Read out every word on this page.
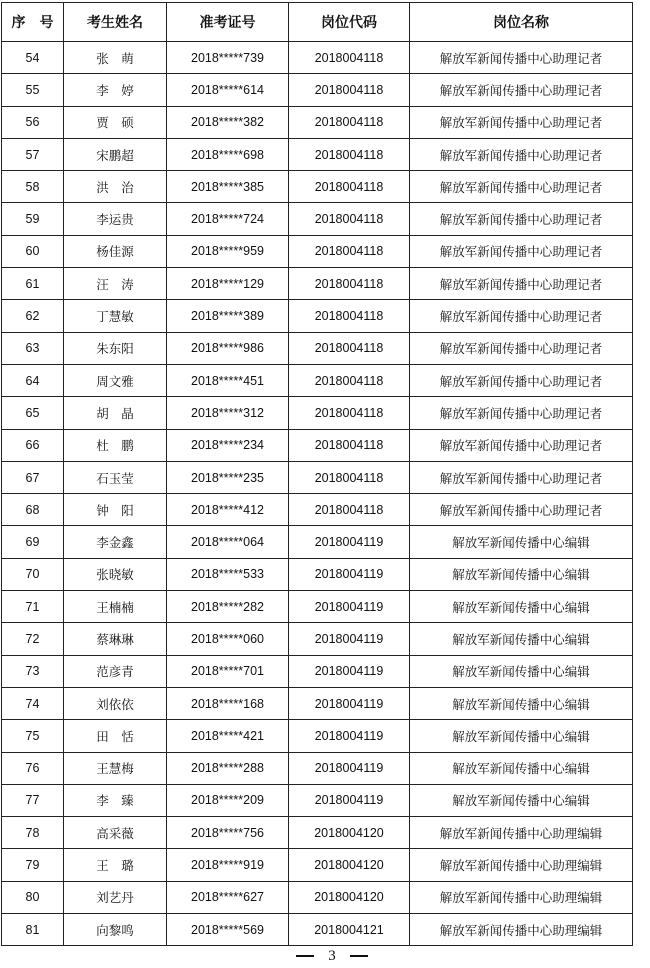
序　号	考生姓名	准考证号	岗位代码	岗位名称
54	张　萌	2018*****739	2018004118	解放军新闻传播中心助理记者
55	李　婷	2018*****614	2018004118	解放军新闻传播中心助理记者
56	贾　硕	2018*****382	2018004118	解放军新闻传播中心助理记者
57	宋鹏超	2018*****698	2018004118	解放军新闻传播中心助理记者
58	洪　治	2018*****385	2018004118	解放军新闻传播中心助理记者
59	李运贵	2018*****724	2018004118	解放军新闻传播中心助理记者
60	杨佳源	2018*****959	2018004118	解放军新闻传播中心助理记者
61	汪　涛	2018*****129	2018004118	解放军新闻传播中心助理记者
62	丁慧敏	2018*****389	2018004118	解放军新闻传播中心助理记者
63	朱东阳	2018*****986	2018004118	解放军新闻传播中心助理记者
64	周文雅	2018*****451	2018004118	解放军新闻传播中心助理记者
65	胡　晶	2018*****312	2018004118	解放军新闻传播中心助理记者
66	杜　鹏	2018*****234	2018004118	解放军新闻传播中心助理记者
67	石玉莹	2018*****235	2018004118	解放军新闻传播中心助理记者
68	钟　阳	2018*****412	2018004118	解放军新闻传播中心助理记者
69	李金鑫	2018*****064	2018004119	解放军新闻传播中心编辑
70	张晓敏	2018*****533	2018004119	解放军新闻传播中心编辑
71	王楠楠	2018*****282	2018004119	解放军新闻传播中心编辑
72	蔡琳琳	2018*****060	2018004119	解放军新闻传播中心编辑
73	范彦青	2018*****701	2018004119	解放军新闻传播中心编辑
74	刘依依	2018*****168	2018004119	解放军新闻传播中心编辑
75	田　恬	2018*****421	2018004119	解放军新闻传播中心编辑
76	王慧梅	2018*****288	2018004119	解放军新闻传播中心编辑
77	李　臻	2018*****209	2018004119	解放军新闻传播中心编辑
78	高采薇	2018*****756	2018004120	解放军新闻传播中心助理编辑
79	王　璐	2018*****919	2018004120	解放军新闻传播中心助理编辑
80	刘艺丹	2018*****627	2018004120	解放军新闻传播中心助理编辑
81	向黎鸣	2018*****569	2018004121	解放军新闻传播中心助理编辑
3
